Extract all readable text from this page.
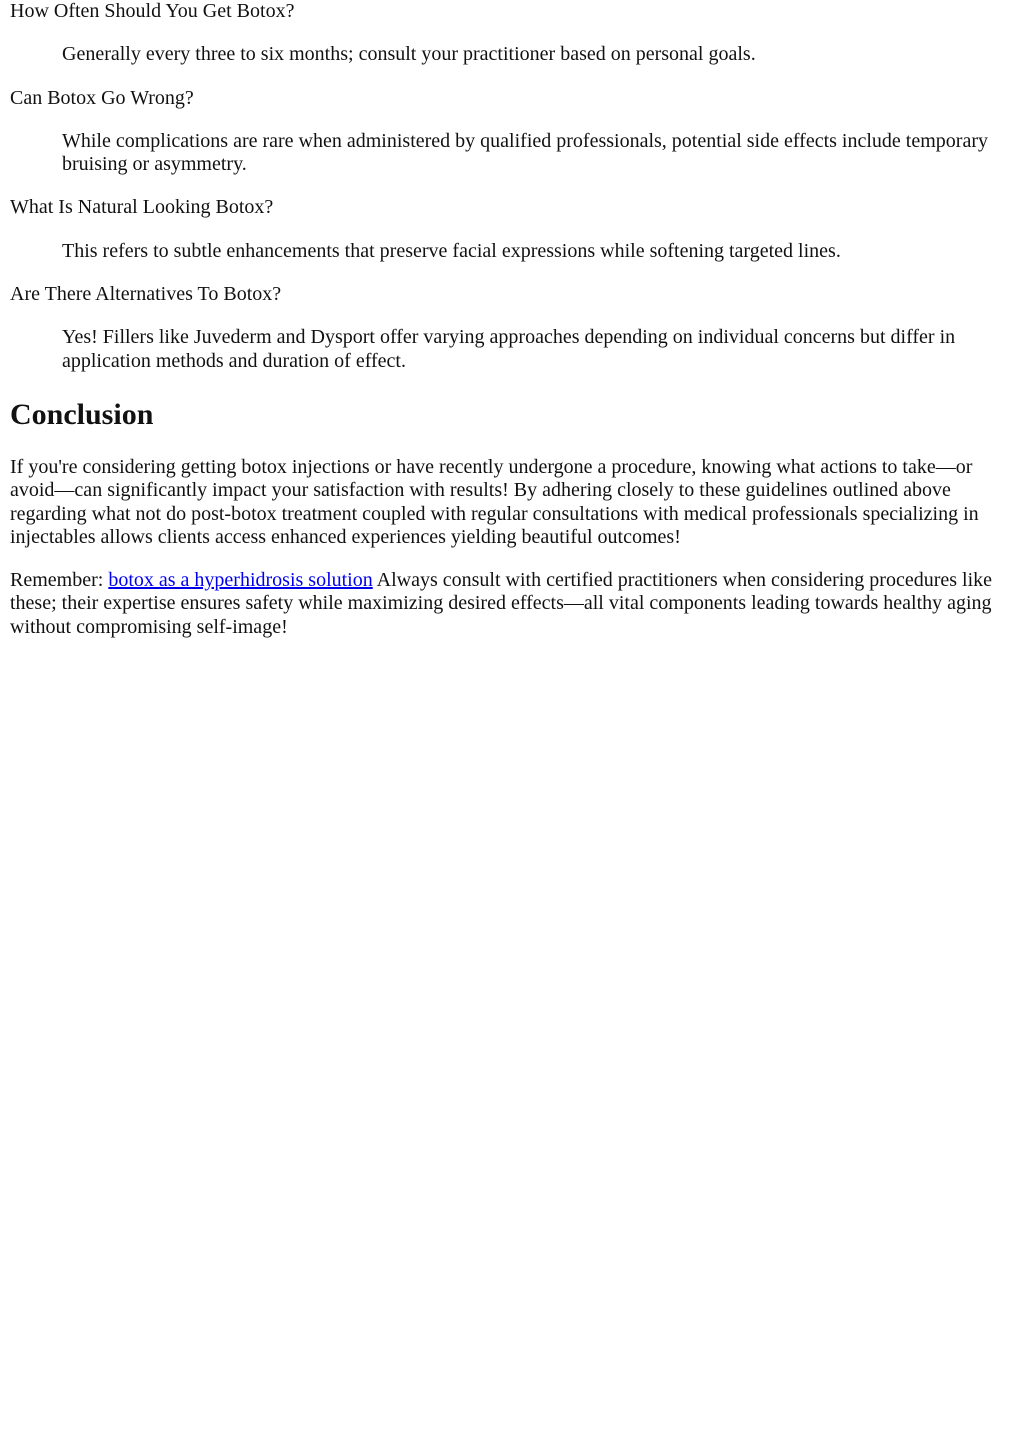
How Often Should You Get Botox?
Generally every three to six months; consult your practitioner based on personal goals.
Can Botox Go Wrong?
While complications are rare when administered by qualified professionals, potential side effects include temporary bruising or asymmetry.
What Is Natural Looking Botox?
This refers to subtle enhancements that preserve facial expressions while softening targeted lines.
Are There Alternatives To Botox?
Yes! Fillers like Juvederm and Dysport offer varying approaches depending on individual concerns but differ in application methods and duration of effect.
Conclusion

If you're considering getting botox injections or have recently undergone a procedure, knowing what actions to take—or avoid—can significantly impact your satisfaction with results! By adhering closely to these guidelines outlined above regarding what not do post-botox treatment coupled with regular consultations with medical professionals specializing in injectables allows clients access enhanced experiences yielding beautiful outcomes!

Remember: botox as a hyperhidrosis solution Always consult with certified practitioners when considering procedures like these; their expertise ensures safety while maximizing desired effects—all vital components leading towards healthy aging without compromising self-image!
